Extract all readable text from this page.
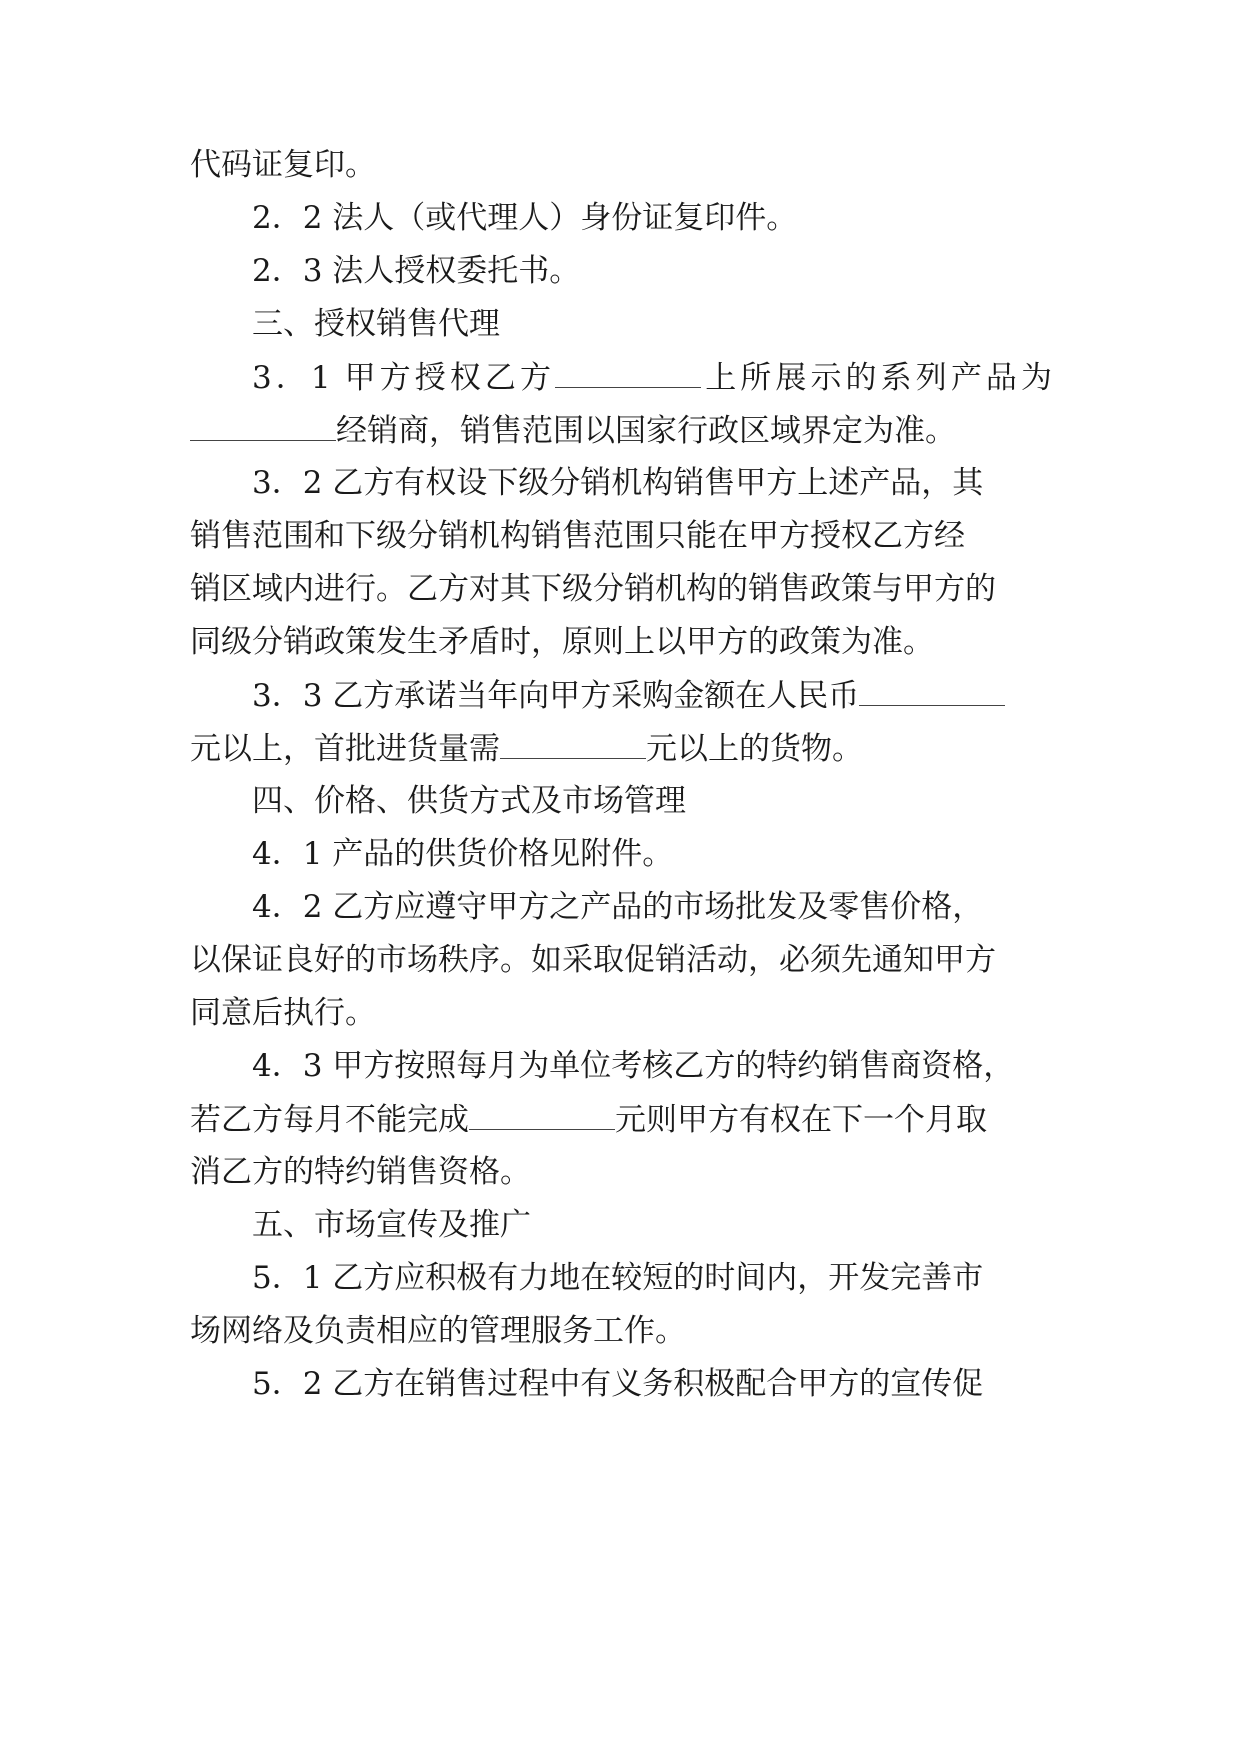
代码证复印。
2．2 法人（或代理人）身份证复印件。
2．3 法人授权委托书。
三、授权销售代理
3．1 甲方授权乙方	上所展示的系列产品为
经销商，销售范围以国家行政区域界定为准。
3．2 乙方有权设下级分销机构销售甲方上述产品，其
销售范围和下级分销机构销售范围只能在甲方授权乙方经
销区域内进行。乙方对其下级分销机构的销售政策与甲方的
同级分销政策发生矛盾时，原则上以甲方的政策为准。
3．3 乙方承诺当年向甲方采购金额在人民币
元以上，首批进货量需	元以上的货物。
四、价格、供货方式及市场管理
4．1 产品的供货价格见附件。
4．2 乙方应遵守甲方之产品的市场批发及零售价格，
以保证良好的市场秩序。如采取促销活动，必须先通知甲方
同意后执行。
4．3 甲方按照每月为单位考核乙方的特约销售商资格，
若乙方每月不能完成	元则甲方有权在下一个月取
消乙方的特约销售资格。
五、市场宣传及推广
5．1 乙方应积极有力地在较短的时间内，开发完善市
场网络及负责相应的管理服务工作。
5．2 乙方在销售过程中有义务积极配合甲方的宣传促
